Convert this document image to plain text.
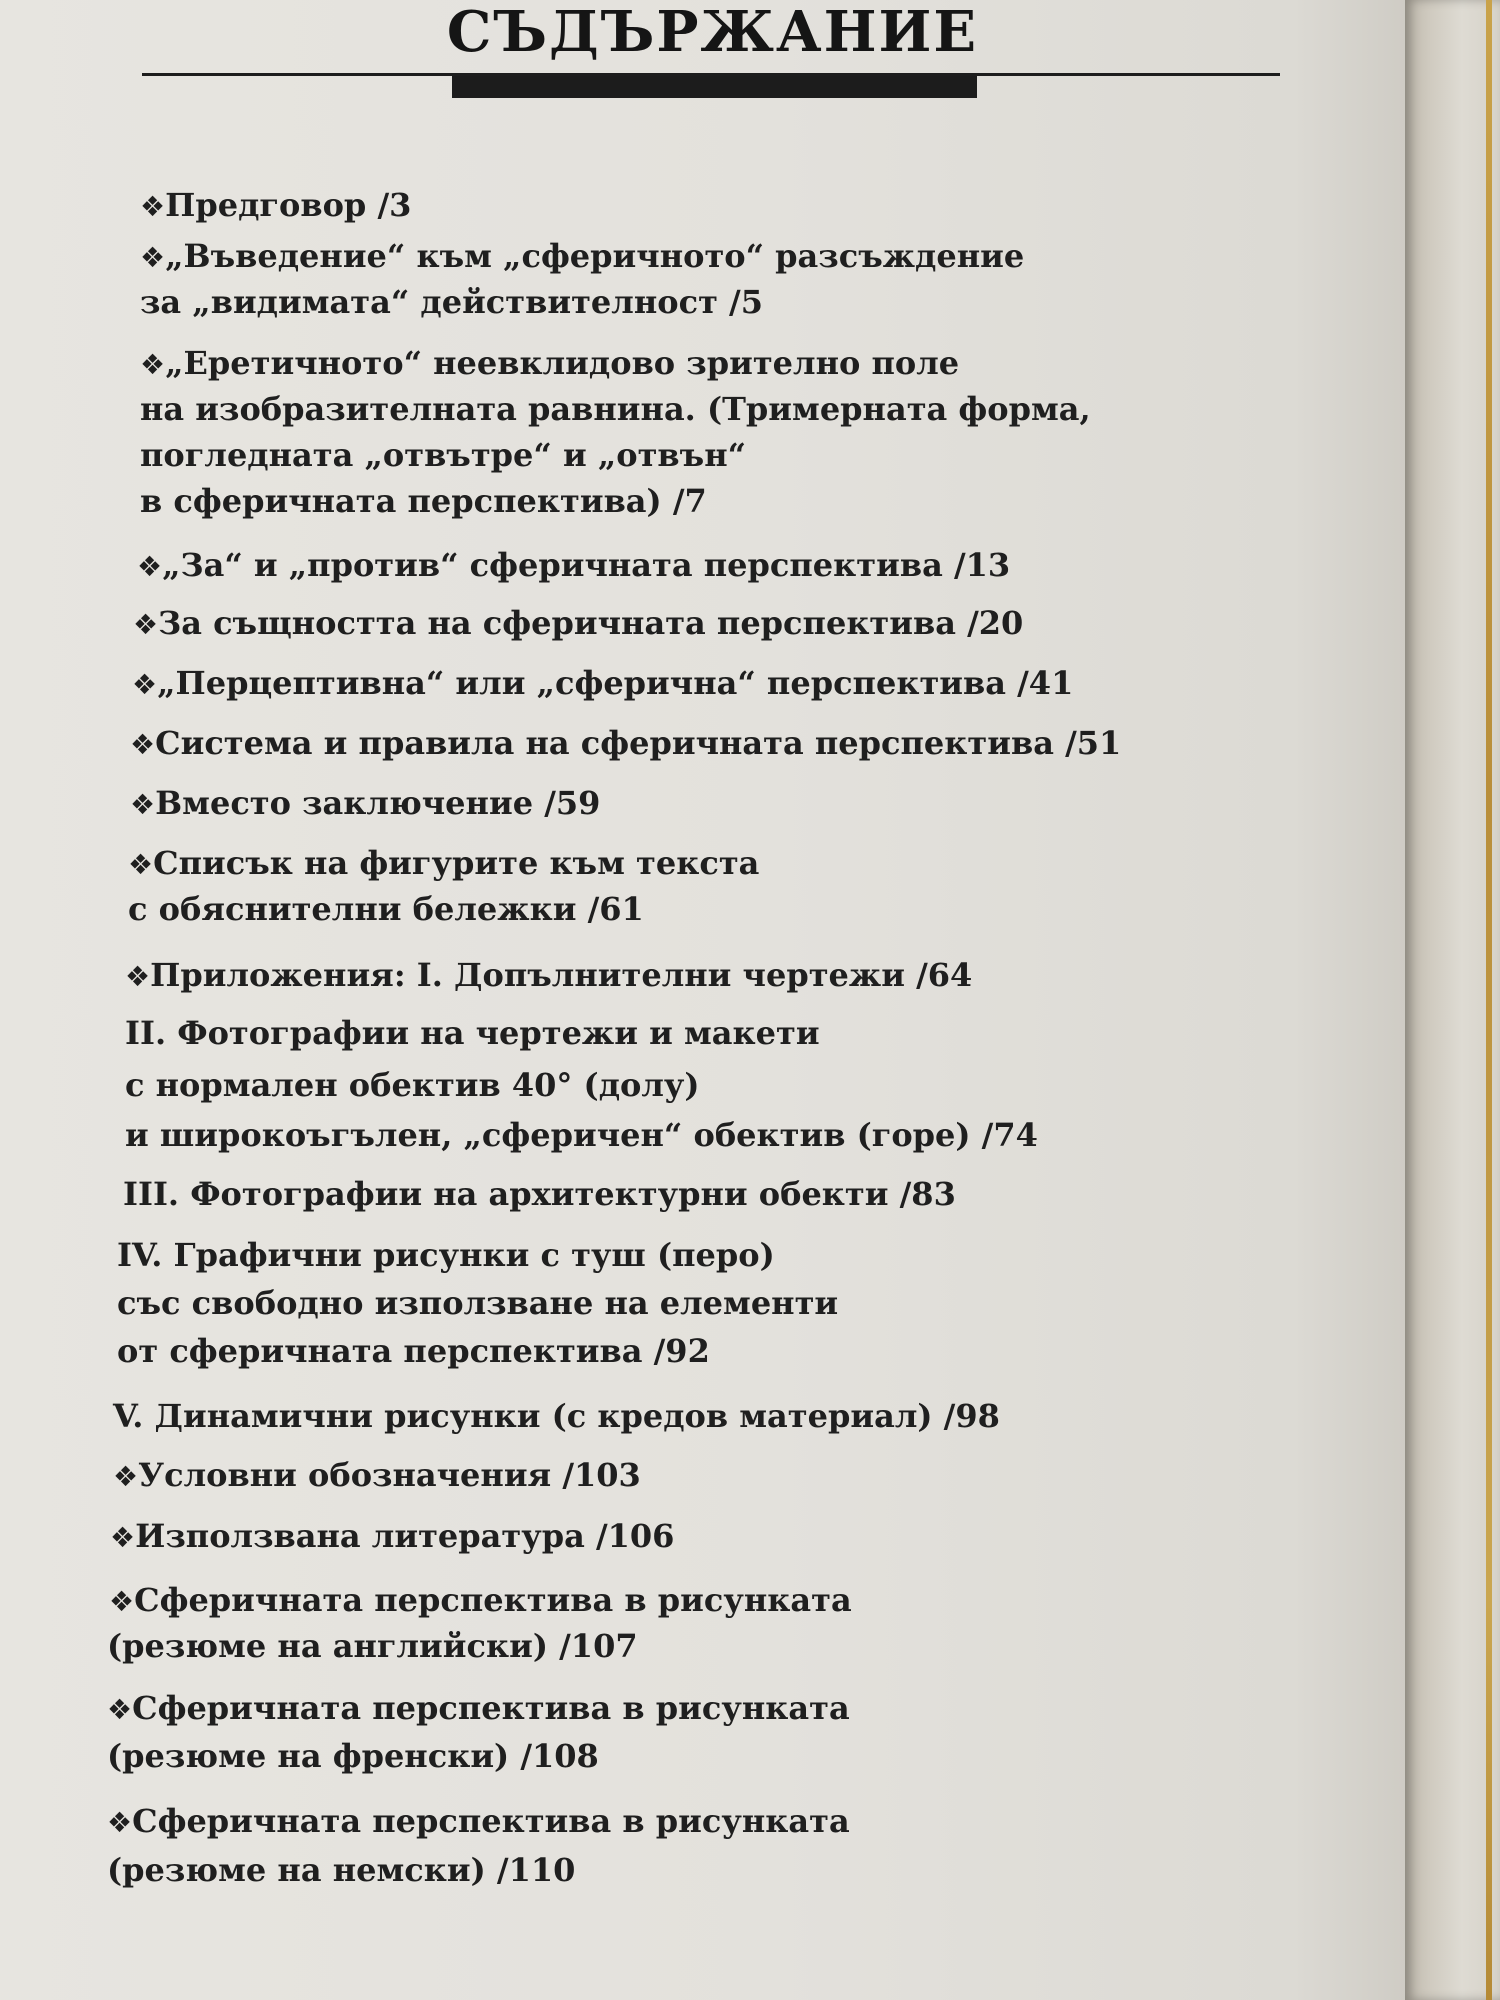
СЪДЪРЖАНИЕ
❖Предговор /3
❖„Въведение“ към „сферичното“ разсъждение
за „видимата“ действителност /5
❖„Еретичното“ неевклидово зрително поле
на изобразителната равнина. (Тримерната форма,
погледната „отвътре“ и „отвън“
в сферичната перспектива) /7
❖„За“ и „против“ сферичната перспектива /13
❖За същността на сферичната перспектива /20
❖„Перцептивна“ или „сферична“ перспектива /41
❖Система и правила на сферичната перспектива /51
❖Вместо заключение /59
❖Списък на фигурите към текста
с обяснителни бележки /61
❖Приложения: I. Допълнителни чертежи /64
II. Фотографии на чертежи и макети
с нормален обектив 40° (долу)
и широкоъгълен, „сферичен“ обектив (горе) /74
III. Фотографии на архитектурни обекти /83
IV. Графични рисунки с туш (перо)
със свободно използване на елементи
от сферичната перспектива /92
V. Динамични рисунки (с кредов материал) /98
❖Условни обозначения /103
❖Използвана литература /106
❖Сферичната перспектива в рисунката
(резюме на английски) /107
❖Сферичната перспектива в рисунката
(резюме на френски) /108
❖Сферичната перспектива в рисунката
(резюме на немски) /110
